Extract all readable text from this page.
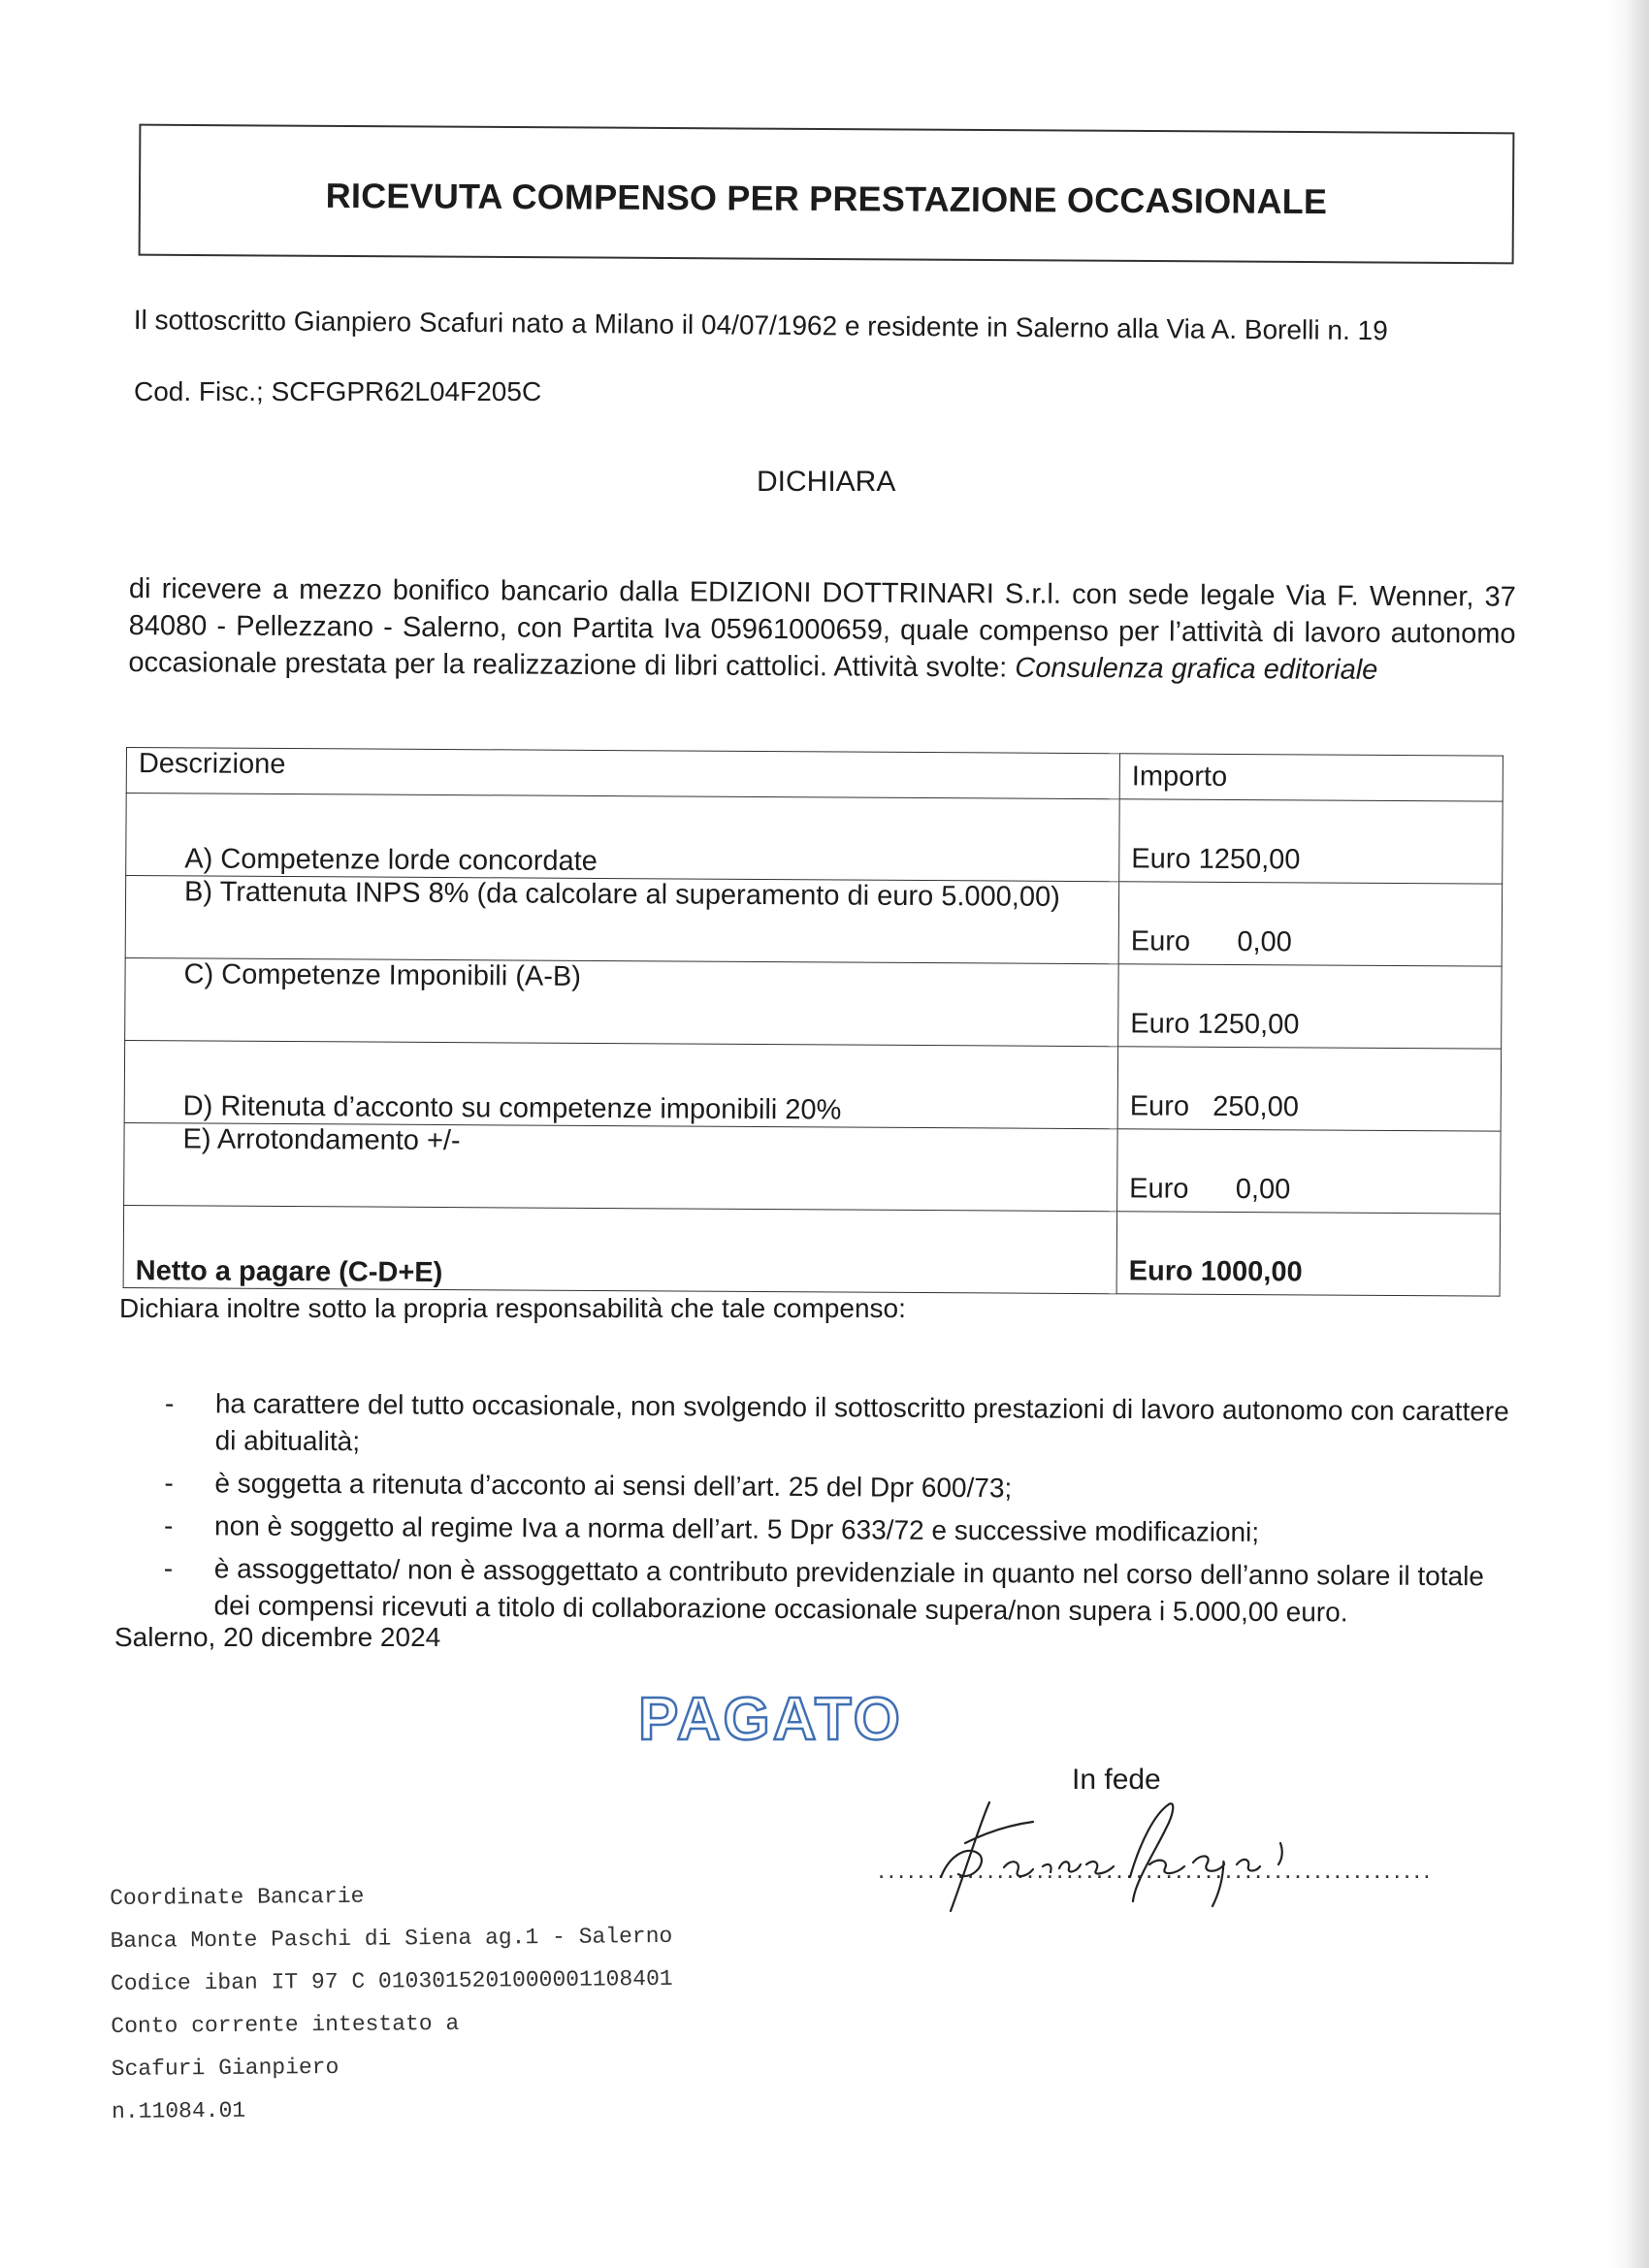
RICEVUTA COMPENSO PER PRESTAZIONE OCCASIONALE
Il sottoscritto Gianpiero Scafuri nato a Milano il 04/07/1962 e residente in Salerno alla Via A. Borelli n. 19
Cod. Fisc.; SCFGPR62L04F205C
DICHIARA
di ricevere a mezzo bonifico bancario dalla EDIZIONI DOTTRINARI S.r.l. con sede legale Via F. Wenner, 37 84080 - Pellezzano - Salerno, con Partita Iva 05961000659, quale compenso per l’attività di lavoro autonomo occasionale prestata per la realizzazione di libri cattolici. Attività svolte: Consulenza grafica editoriale
Descrizione	Importo
A) Competenze lorde concordate	Euro 1250,00
B) Trattenuta INPS 8% (da calcolare al superamento di euro 5.000,00)	Euro      0,00
C) Competenze Imponibili (A-B)	Euro 1250,00
D) Ritenuta d’acconto su competenze imponibili 20%	Euro   250,00
E) Arrotondamento +/-	Euro      0,00
Netto a pagare (C-D+E)	Euro 1000,00
Dichiara inoltre sotto la propria responsabilità che tale compenso:
- ha carattere del tutto occasionale, non svolgendo il sottoscritto prestazioni di lavoro autonomo con carattere di abitualità;
- è soggetta a ritenuta d’acconto ai sensi dell’art. 25 del Dpr 600/73;
- non è soggetto al regime Iva a norma dell’art. 5 Dpr 633/72 e successive modificazioni;
- è assoggettato/ non è assoggettato a contributo previdenziale in quanto nel corso dell’anno solare il totale dei compensi ricevuti a titolo di collaborazione occasionale supera/non supera i 5.000,00 euro.
Salerno, 20 dicembre 2024
PAGATO
In fede
........................................................
Coordinate Bancarie
Banca Monte Paschi di Siena ag.1 - Salerno
Codice iban IT 97 C 0103015201000001108401
Conto corrente intestato a
Scafuri Gianpiero
n.11084.01
